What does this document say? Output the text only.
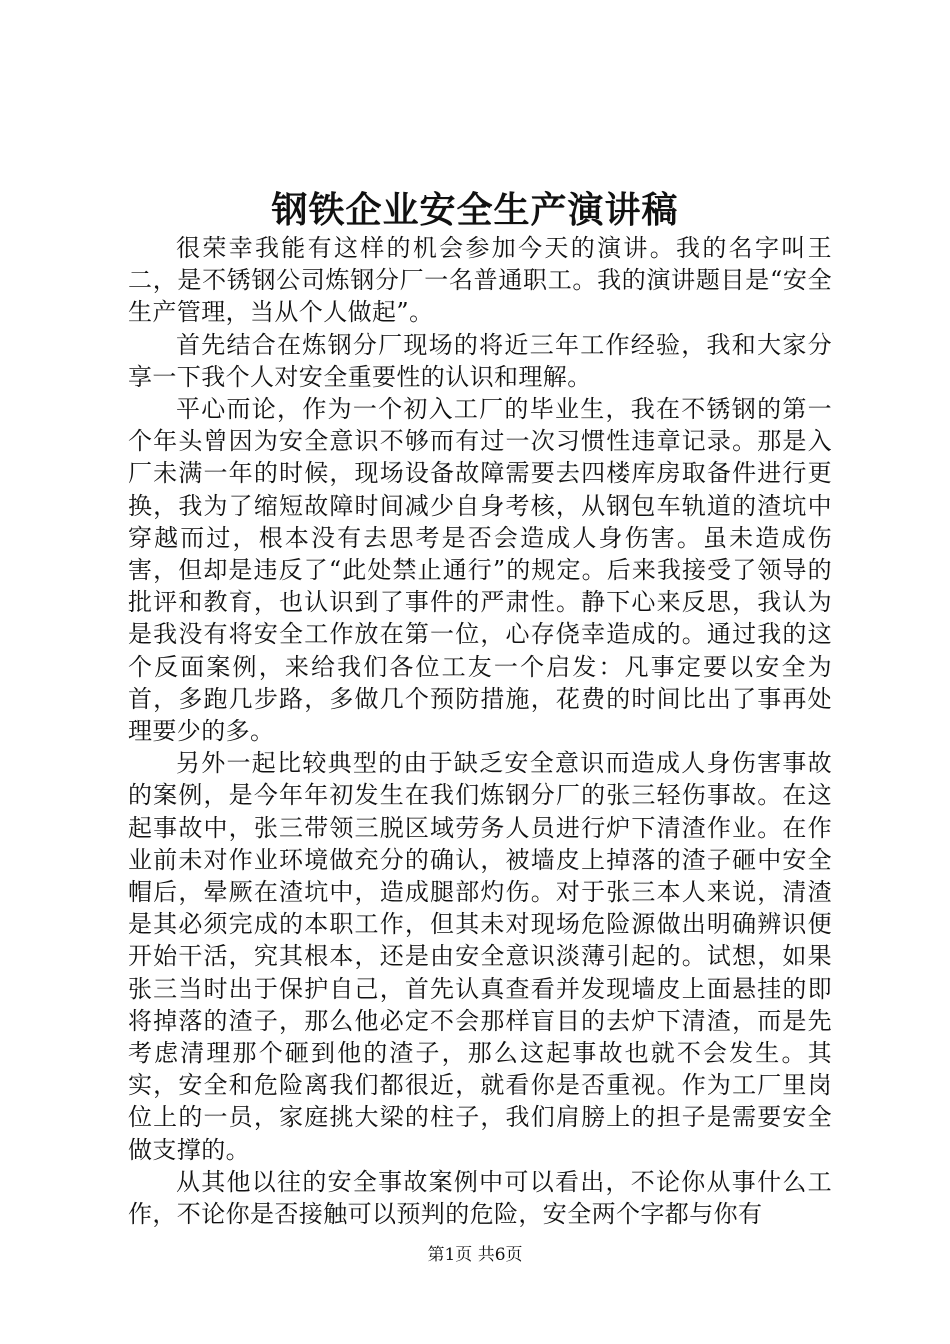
钢铁企业安全生产演讲稿

很荣幸我能有这样的机会参加今天的演讲。我的名字叫王二，是不锈钢公司炼钢分厂一名普通职工。我的演讲题目是“安全生产管理，当从个人做起”。

首先结合在炼钢分厂现场的将近三年工作经验，我和大家分享一下我个人对安全重要性的认识和理解。

平心而论，作为一个初入工厂的毕业生，我在不锈钢的第一个年头曾因为安全意识不够而有过一次习惯性违章记录。那是入厂未满一年的时候，现场设备故障需要去四楼库房取备件进行更换，我为了缩短故障时间减少自身考核，从钢包车轨道的渣坑中穿越而过，根本没有去思考是否会造成人身伤害。虽未造成伤害，但却是违反了“此处禁止通行”的规定。后来我接受了领导的批评和教育，也认识到了事件的严肃性。静下心来反思，我认为是我没有将安全工作放在第一位，心存侥幸造成的。通过我的这个反面案例，来给我们各位工友一个启发：凡事定要以安全为首，多跑几步路，多做几个预防措施，花费的时间比出了事再处理要少的多。

另外一起比较典型的由于缺乏安全意识而造成人身伤害事故的案例，是今年年初发生在我们炼钢分厂的张三轻伤事故。在这起事故中，张三带领三脱区域劳务人员进行炉下清渣作业。在作业前未对作业环境做充分的确认，被墙皮上掉落的渣子砸中安全帽后，晕厥在渣坑中，造成腿部灼伤。对于张三本人来说，清渣是其必须完成的本职工作，但其未对现场危险源做出明确辨识便开始干活，究其根本，还是由安全意识淡薄引起的。试想，如果张三当时出于保护自己，首先认真查看并发现墙皮上面悬挂的即将掉落的渣子，那么他必定不会那样盲目的去炉下清渣，而是先考虑清理那个砸到他的渣子，那么这起事故也就不会发生。其实，安全和危险离我们都很近，就看你是否重视。作为工厂里岗位上的一员，家庭挑大梁的柱子，我们肩膀上的担子是需要安全做支撑的。

从其他以往的安全事故案例中可以看出，不论你从事什么工作，不论你是否接触可以预判的危险，安全两个字都与你有

第1页 共6页
